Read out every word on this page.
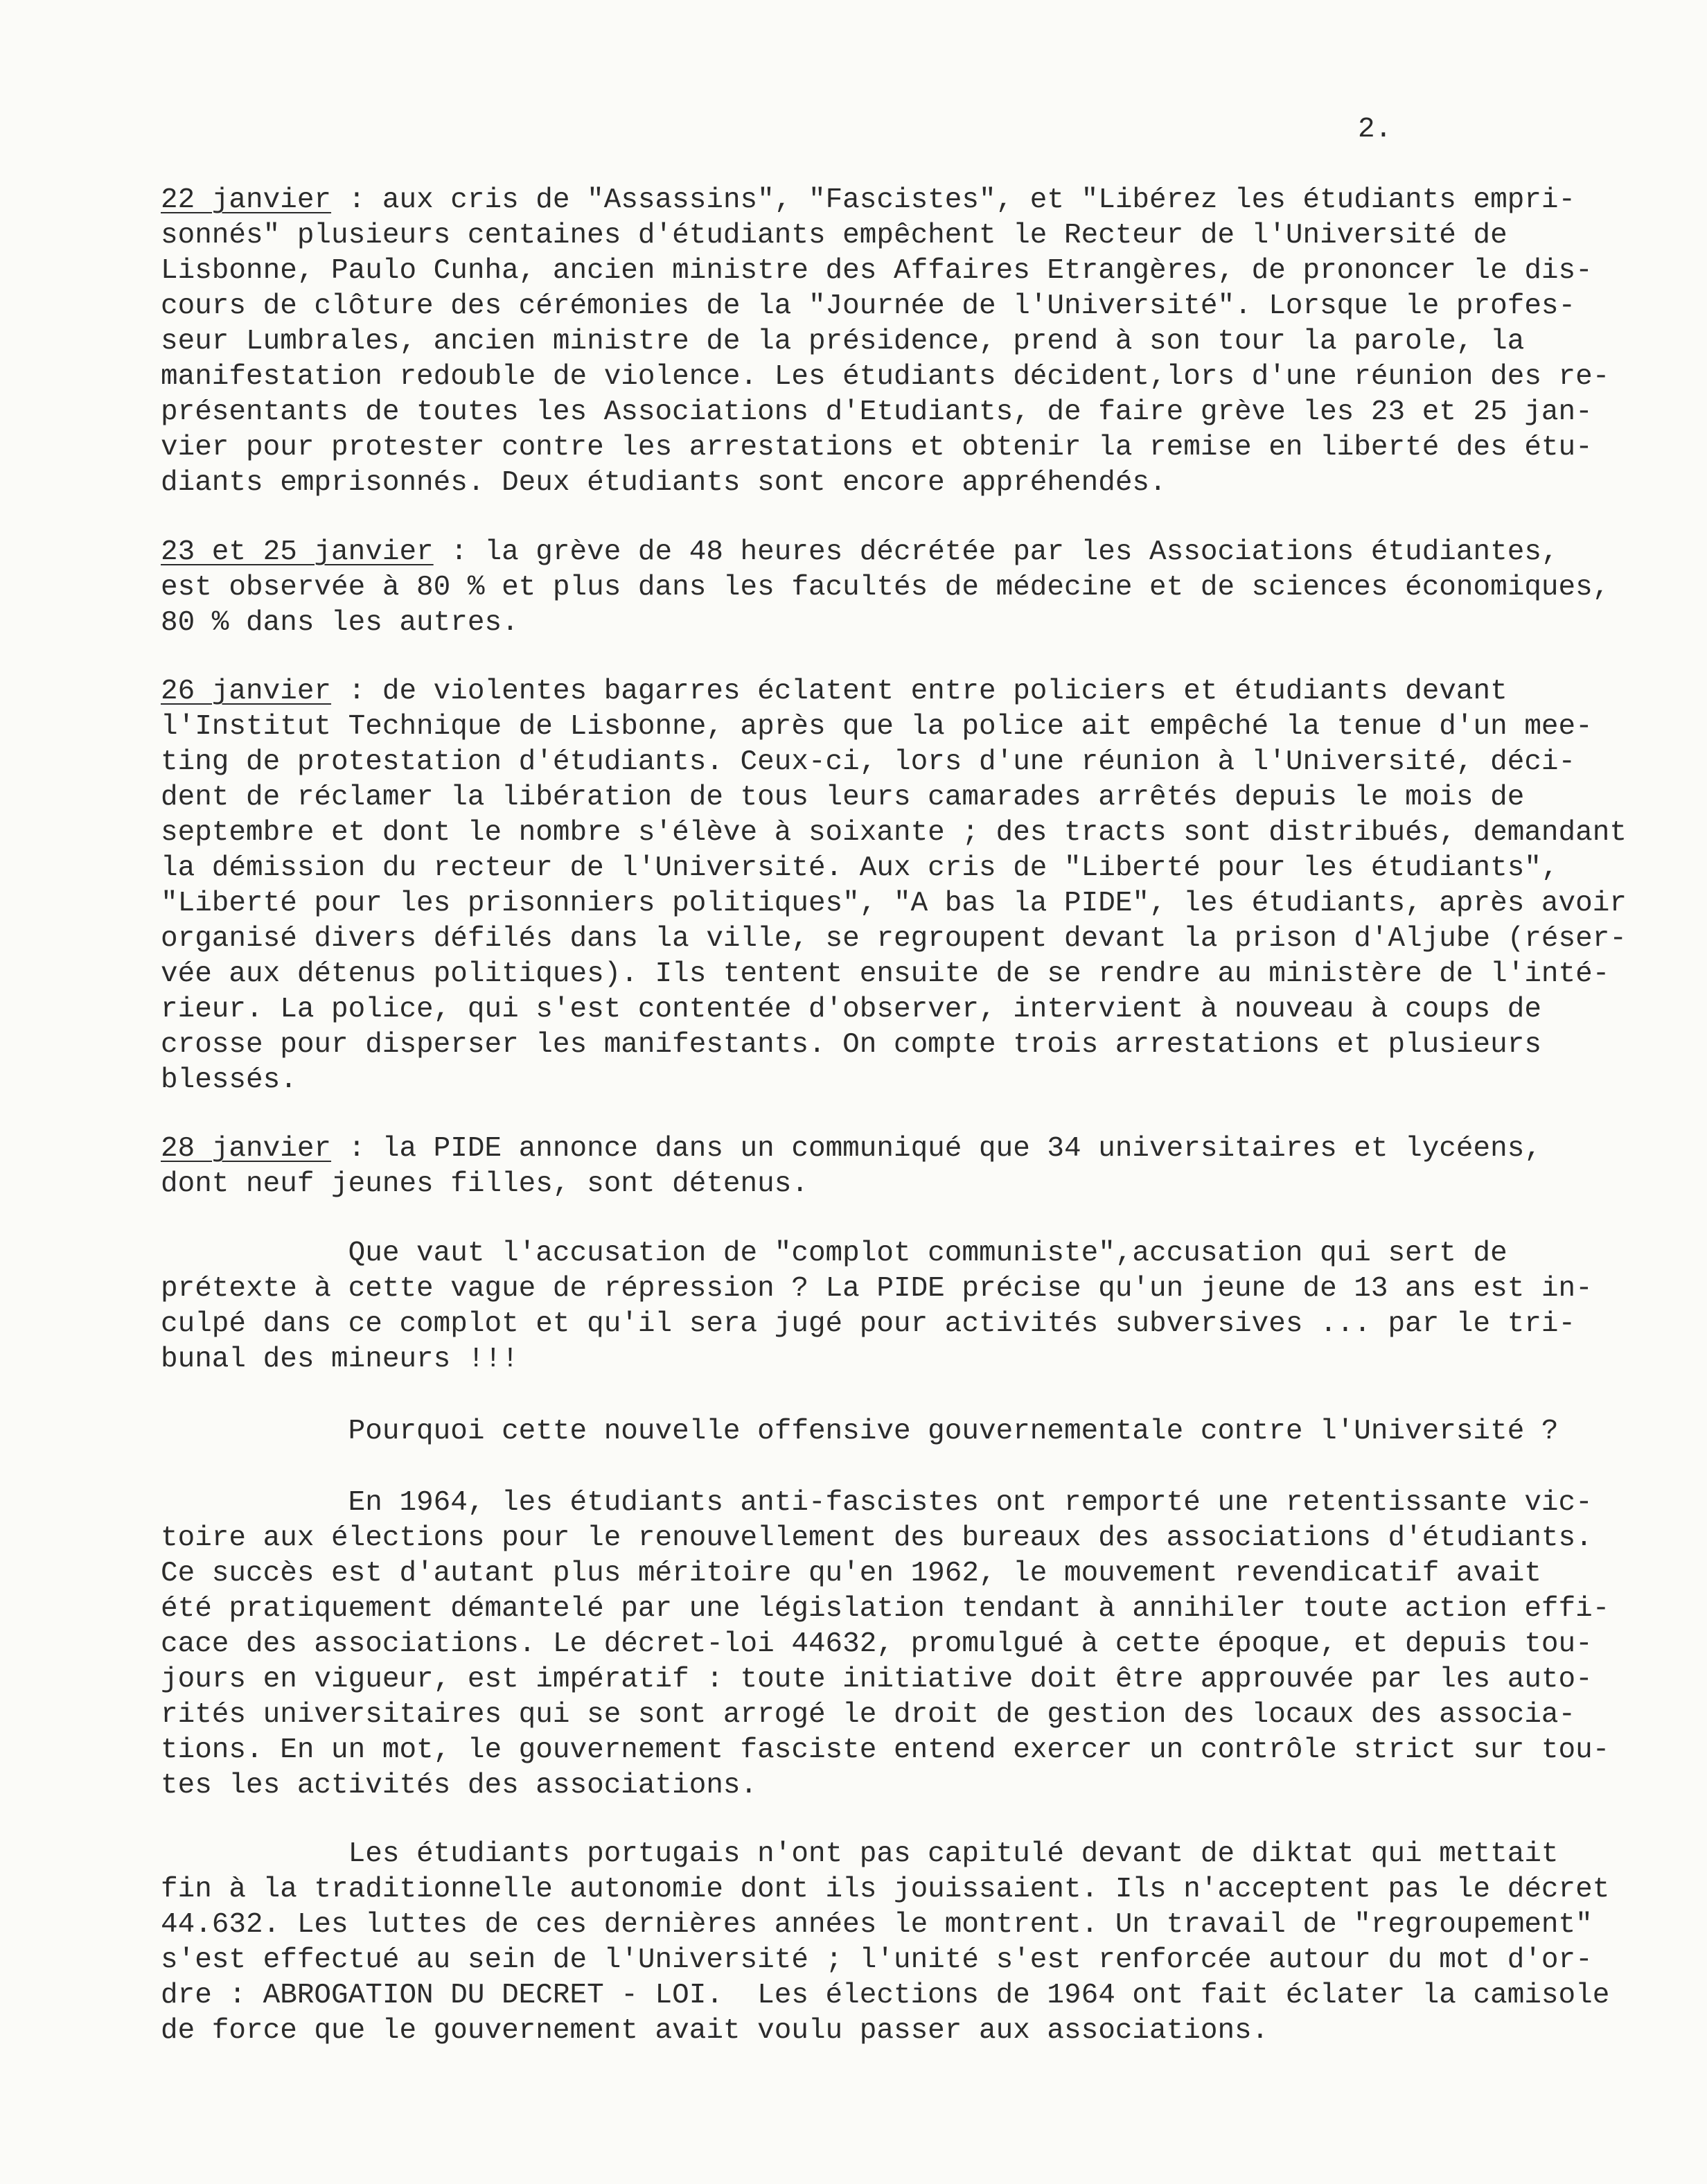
2.

22 janvier : aux cris de "Assassins", "Fascistes", et "Libérez les étudiants empri-

sonnés" plusieurs centaines d'étudiants empêchent le Recteur de l'Université de

Lisbonne, Paulo Cunha, ancien ministre des Affaires Etrangères, de prononcer le dis-

cours de clôture des cérémonies de la "Journée de l'Université". Lorsque le profes-

seur Lumbrales, ancien ministre de la présidence, prend à son tour la parole, la

manifestation redouble de violence. Les étudiants décident,lors d'une réunion des re-

présentants de toutes les Associations d'Etudiants, de faire grève les 23 et 25 jan-

vier pour protester contre les arrestations et obtenir la remise en liberté des étu-

diants emprisonnés. Deux étudiants sont encore appréhendés.

23 et 25 janvier : la grève de 48 heures décrétée par les Associations étudiantes,

est observée à 80 % et plus dans les facultés de médecine et de sciences économiques,

80 % dans les autres.

26 janvier : de violentes bagarres éclatent entre policiers et étudiants devant

l'Institut Technique de Lisbonne, après que la police ait empêché la tenue d'un mee-

ting de protestation d'étudiants. Ceux-ci, lors d'une réunion à l'Université, déci-

dent de réclamer la libération de tous leurs camarades arrêtés depuis le mois de

septembre et dont le nombre s'élève à soixante ; des tracts sont distribués, demandant

la démission du recteur de l'Université. Aux cris de "Liberté pour les étudiants",

"Liberté pour les prisonniers politiques", "A bas la PIDE", les étudiants, après avoir

organisé divers défilés dans la ville, se regroupent devant la prison d'Aljube (réser-

vée aux détenus politiques). Ils tentent ensuite de se rendre au ministère de l'inté-

rieur. La police, qui s'est contentée d'observer, intervient à nouveau à coups de

crosse pour disperser les manifestants. On compte trois arrestations et plusieurs

blessés.

28 janvier : la PIDE annonce dans un communiqué que 34 universitaires et lycéens,

dont neuf jeunes filles, sont détenus.

Que vaut l'accusation de "complot communiste",accusation qui sert de

prétexte à cette vague de répression ? La PIDE précise qu'un jeune de 13 ans est in-

culpé dans ce complot et qu'il sera jugé pour activités subversives ... par le tri-

bunal des mineurs !!!

Pourquoi cette nouvelle offensive gouvernementale contre l'Université ?

En 1964, les étudiants anti-fascistes ont remporté une retentissante vic-

toire aux élections pour le renouvellement des bureaux des associations d'étudiants.

Ce succès est d'autant plus méritoire qu'en 1962, le mouvement revendicatif avait

été pratiquement démantelé par une législation tendant à annihiler toute action effi-

cace des associations. Le décret-loi 44632, promulgué à cette époque, et depuis tou-

jours en vigueur, est impératif : toute initiative doit être approuvée par les auto-

rités universitaires qui se sont arrogé le droit de gestion des locaux des associa-

tions. En un mot, le gouvernement fasciste entend exercer un contrôle strict sur tou-

tes les activités des associations.

Les étudiants portugais n'ont pas capitulé devant de diktat qui mettait

fin à la traditionnelle autonomie dont ils jouissaient. Ils n'acceptent pas le décret

44.632. Les luttes de ces dernières années le montrent. Un travail de "regroupement"

s'est effectué au sein de l'Université ; l'unité s'est renforcée autour du mot d'or-

dre : ABROGATION DU DECRET - LOI.  Les élections de 1964 ont fait éclater la camisole

de force que le gouvernement avait voulu passer aux associations.
